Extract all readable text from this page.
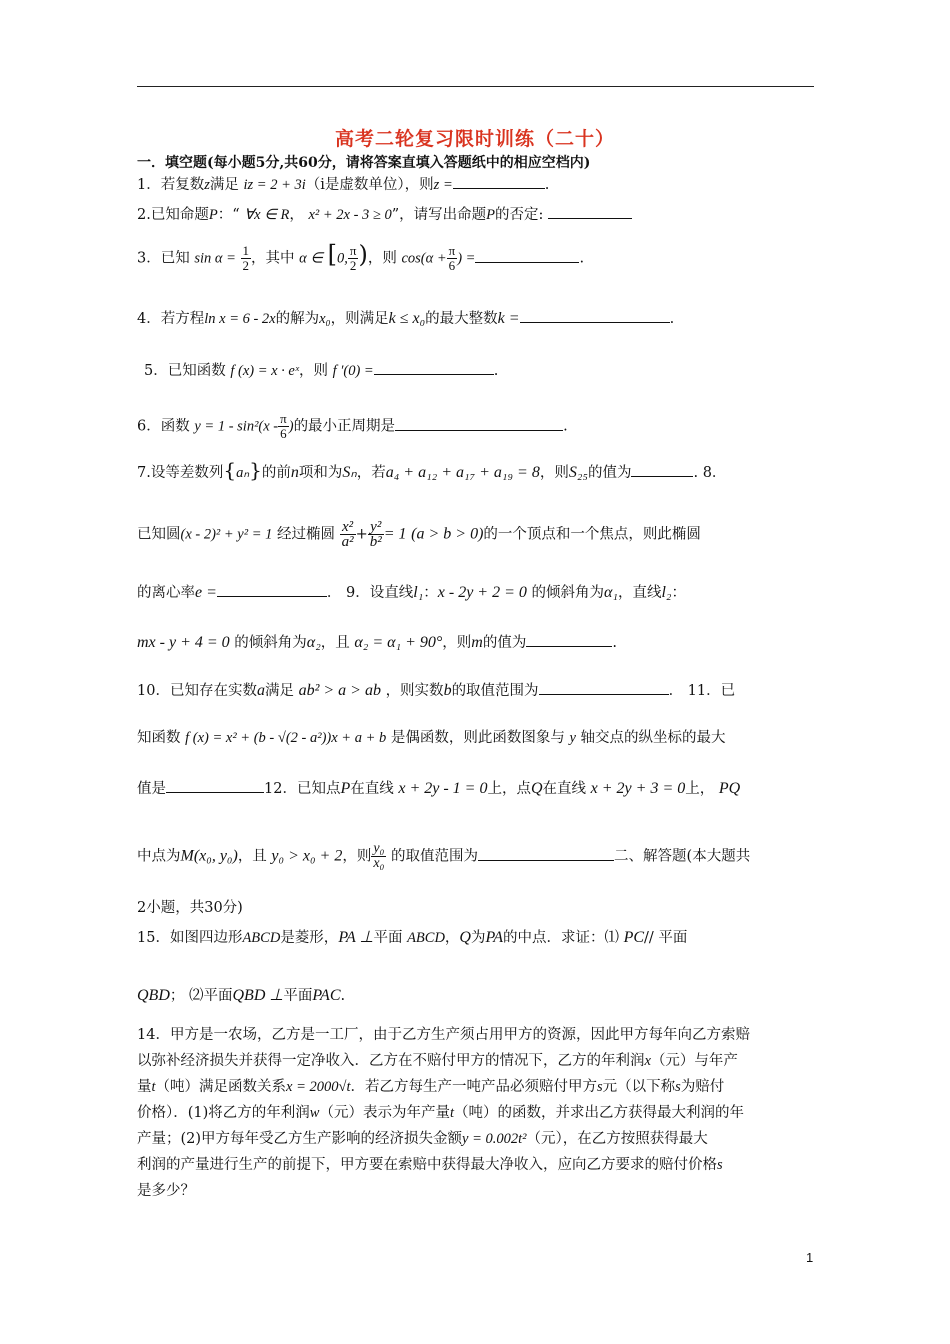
高考二轮复习限时训练（二十）
一．填空题(每小题5分,共60分，请将答案直填入答题纸中的相应空档内)
1．若复数z满足 iz = 2 + 3i（i是虚数单位），则z =	.
2.已知命题P：“ ∀x ∈ R， x² + 2x - 3 ≥ 0”，请写出命题P的否定:
3．已知 $\sin \alpha = \frac{1}{2}$ ，其中 α ∈ [0, $\frac{\pi}{2}$ )，则 $\cos(\alpha + \frac{\pi}{6}$ ) =	.
4．若方程ln x = 6 - 2x的解为x₀，则满足k ≤ x₀的最大整数k =	.
5．已知函数 f (x) = x · eˣ，则 f ′(0) =	.
6．函数 $y = 1 - \sin^2(x - \frac{\pi}{6}$ )的最小正周期是	.
7.设等差数列{aₙ}的前n项和为Sₙ，若a₄ + a₁₂ + a₁₇ + a₁₉ = 8，则S₂₅的值为	. 8．
已知圆(x - 2)² + y² = 1 经过椭圆 $\frac{\text{x²}}{\text{a²}} + \frac{\text{y²}}{\text{b²}} = 1$ (a > b > 0)的一个顶点和一个焦点，则此椭圆
的离心率e =	． 9．设直线l₁：x - 2y + 2 = 0 的倾斜角为α₁，直线l₂：
mx - y + 4 = 0 的倾斜角为α₂，且 α₂ = α₁ + 90°，则m的值为	.
10．已知存在实数a满足 ab² > a > ab ，则实数b的取值范围为	． 11．已
知函数 f (x) = x² + (b - √(2 - a²))x + a + b 是偶函数，则此函数图象与 y 轴交点的纵坐标的最大
值是	12．已知点P在直线 x + 2y - 1 = 0上，点Q在直线 x + 2y + 3 = 0上， PQ
中点为M(x₀, y₀)，且 y₀ > x₀ + 2，则 $\frac{\text{y₀}}{\text{x₀}}$ 的取值范围为	二、解答题(本大题共
2小题，共30分)
15．如图四边形ABCD是菱形，PA ⊥平面 ABCD，Q为PA的中点．求证：⑴ PC// 平面
QBD； ⑵平面QBD ⊥平面PAC.
14．甲方是一农场，乙方是一工厂，由于乙方生产须占用甲方的资源，因此甲方每年向乙方索赔
以弥补经济损失并获得一定净收入．乙方在不赔付甲方的情况下，乙方的年利润x（元）与年产
量t（吨）满足函数关系x = 2000√t．若乙方每生产一吨产品必须赔付甲方s元（以下称s为赔付
价格）．(1)将乙方的年利润w（元）表示为年产量t（吨）的函数，并求出乙方获得最大利润的年
产量；(2)甲方每年受乙方生产影响的经济损失金额y = 0.002t²（元），在乙方按照获得最大
利润的产量进行生产的前提下，甲方要在索赔中获得最大净收入，应向乙方要求的赔付价格s
是多少？
1
